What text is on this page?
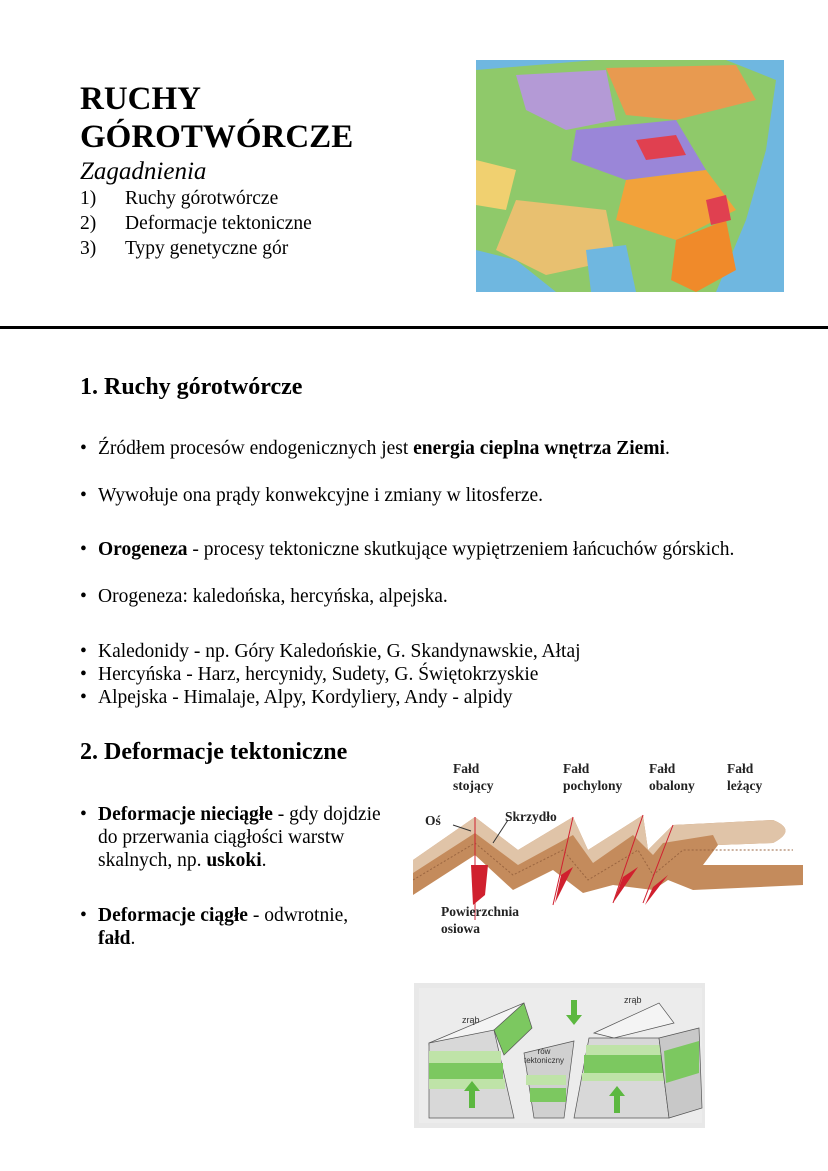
RUCHY
GÓROTWÓRCZE
Zagadnienia
1) Ruchy górotwórcze
2) Deformacje tektoniczne
3) Typy genetyczne gór
1. Ruchy górotwórcze
• Źródłem procesów endogenicznych jest energia cieplna wnętrza Ziemi.
• Wywołuje ona prądy konwekcyjne i zmiany w litosferze.
• Orogeneza - procesy tektoniczne skutkujące wypiętrzeniem łańcuchów górskich.
• Orogeneza: kaledońska, hercyńska, alpejska.
• Kaledonidy - np. Góry Kaledońskie, G. Skandynawskie, Ałtaj
• Hercyńska - Harz, hercynidy, Sudety, G. Świętokrzyskie
• Alpejska - Himalaje, Alpy, Kordyliery, Andy - alpidy
2. Deformacje tektoniczne
• Deformacje nieciągłe - gdy dojdzie do przerwania ciągłości warstw skalnych, np. uskoki.
• Deformacje ciągłe - odwrotnie, fałd.
Fałd
stojący
Fałd
pochylony
Fałd
obalony
Fałd
leżący
Oś	Skrzydło
Powierzchnia
osiowa
zrąb
zrąb
rów tektoniczny
